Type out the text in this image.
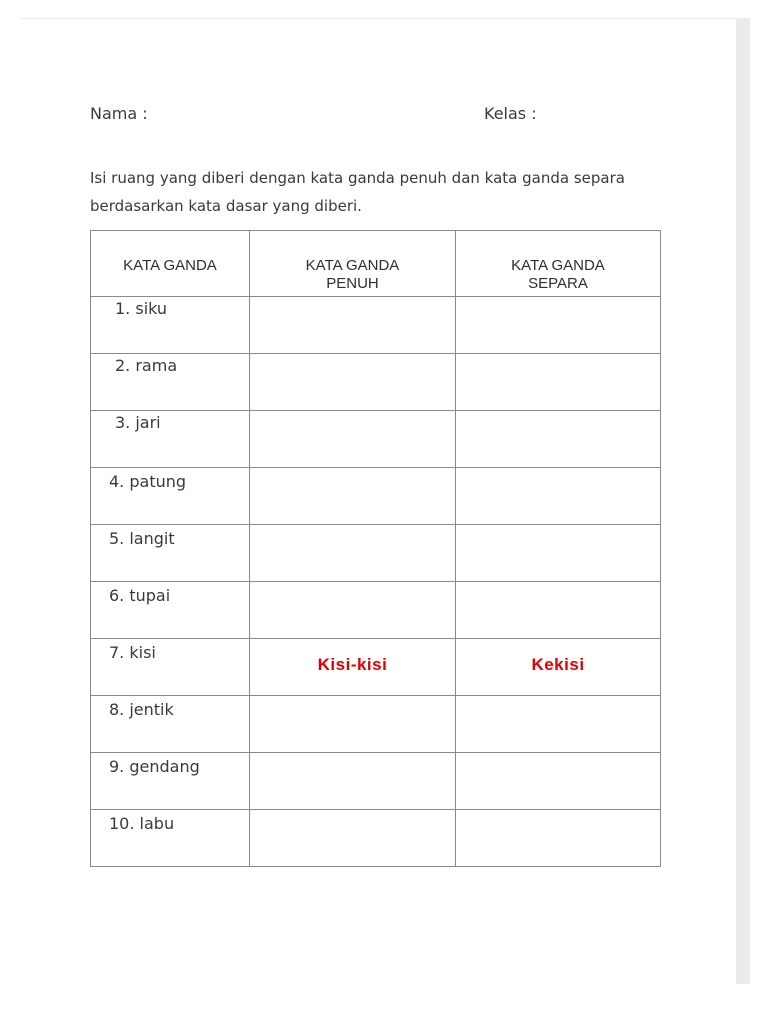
Nama :	Kelas :
Isi ruang yang diberi dengan kata ganda penuh dan kata ganda separa berdasarkan kata dasar yang diberi.
KATA GANDA	KATA GANDA PENUH	KATA GANDA SEPARA

1. siku		

2. rama		

3. jari		

4. patung		

5. langit		

6. tupai		

7. kisi	Kisi-kisi	Kekisi

8. jentik		

9. gendang		

10. labu		
